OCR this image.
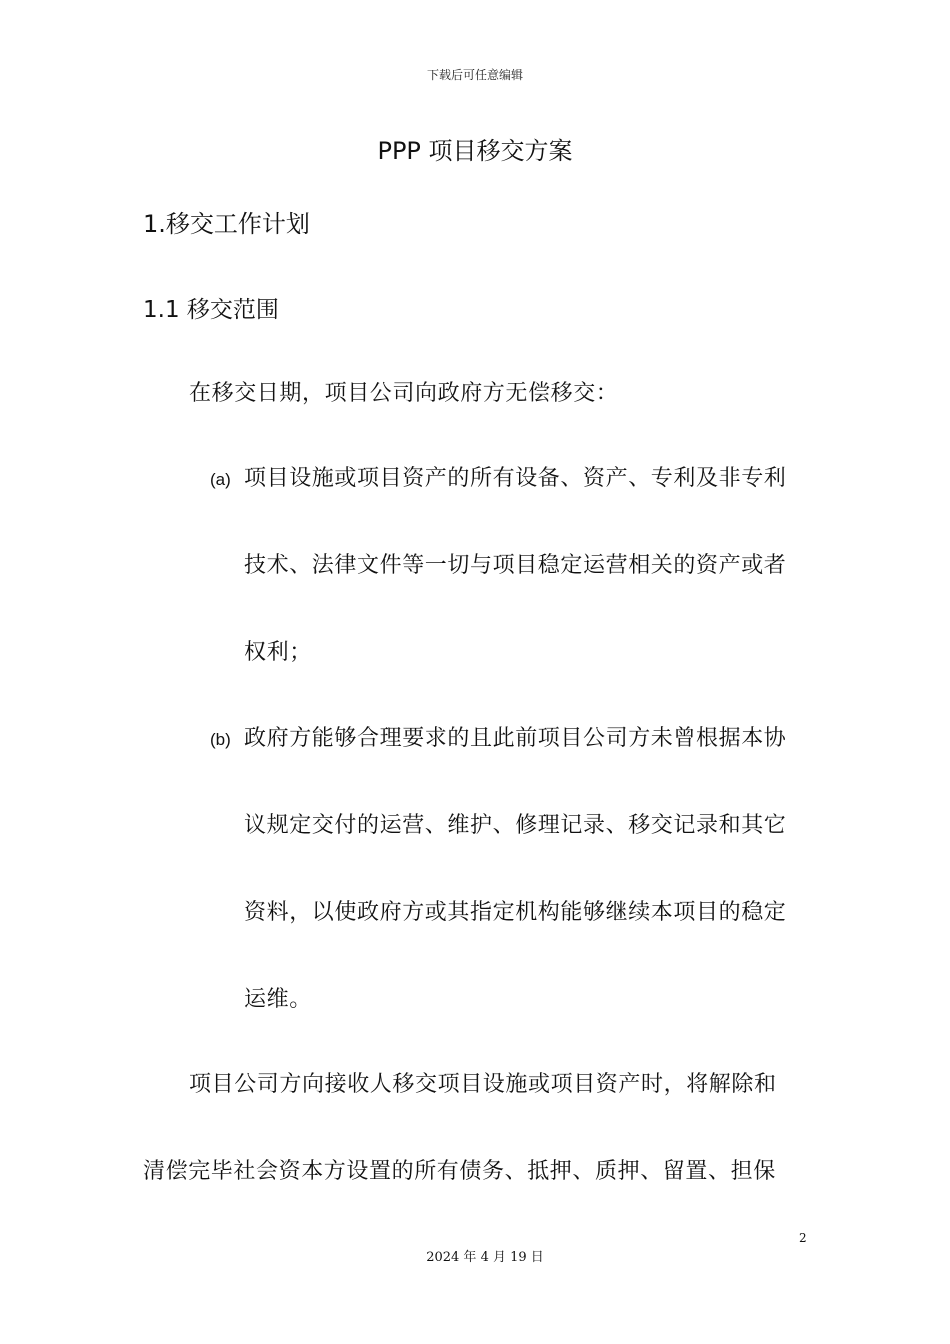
下载后可任意编辑
PPP 项目移交方案
1.移交工作计划
1.1 移交范围
在移交日期，项目公司向政府方无偿移交：
(a) 项目设施或项目资产的所有设备、资产、专利及非专利
技术、法律文件等一切与项目稳定运营相关的资产或者
权利；
(b) 政府方能够合理要求的且此前项目公司方未曾根据本协
议规定交付的运营、维护、修理记录、移交记录和其它
资料，以使政府方或其指定机构能够继续本项目的稳定
运维。
项目公司方向接收人移交项目设施或项目资产时，将解除和
清偿完毕社会资本方设置的所有债务、抵押、质押、留置、担保
2
2024 年 4 月 19 日
